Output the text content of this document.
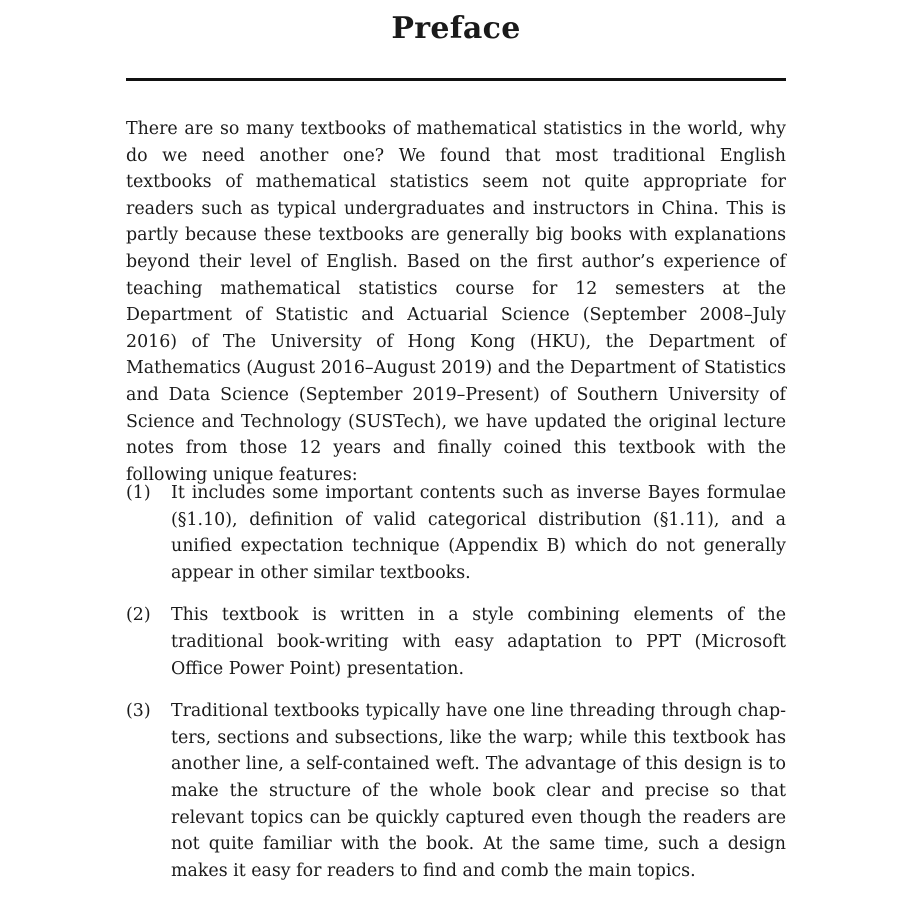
Preface

There are so many textbooks of mathematical statistics in the world, why do we need another one? We found that most traditional English textbooks of mathematical statistics seem not quite appropriate for readers such as typical undergraduates and instructors in China. This is partly because these textbooks are generally big books with explanations beyond their level of English. Based on the first author’s experience of teaching mathematical statistics course for 12 semesters at the Department of Statistic and Actuarial Science (September 2008–July 2016) of The University of Hong Kong (HKU), the Department of Mathematics (August 2016–August 2019) and the Department of Statistics and Data Science (September 2019–Present) of Southern University of Science and Technology (SUSTech), we have updated the original lecture notes from those 12 years and finally coined this textbook with the following unique features:

(1) It includes some important contents such as inverse Bayes formulae (§1.10), definition of valid categorical distribution (§1.11), and a unified expectation technique (Appendix B) which do not generally appear in other similar textbooks.
(2) This textbook is written in a style combining elements of the traditional book-writing with easy adaptation to PPT (Microsoft Office Power Point) presentation.
(3) Traditional textbooks typically have one line threading through chapters, sections and subsections, like the warp; while this textbook has another line, a self-contained weft. The advantage of this design is to make the structure of the whole book clear and precise so that relevant topics can be quickly captured even though the readers are not quite familiar with the book. At the same time, such a design makes it easy for readers to find and comb the main topics.
